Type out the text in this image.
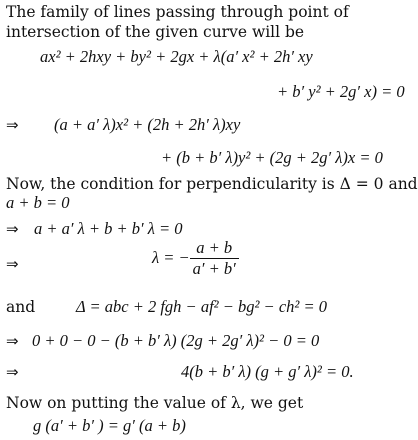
The family of lines passing through point of
intersection of the given curve will be
ax² + 2hxy + by² + 2gx + λ(a′ x² + 2h′ xy
+ b′ y² + 2g′ x) = 0
⇒ (a + a′ λ)x² + (2h + 2h′ λ)xy
+ (b + b′ λ)y² + (2g + 2g′ λ)x = 0
Now, the condition for perpendicularity is Δ = 0 and
a + b = 0
⇒ a + a′ λ + b + b′ λ = 0
⇒	λ = − $\frac{a + b}{a' + b'}$
and Δ = abc + 2 fgh − af² − bg² − ch² = 0
⇒ 0 + 0 − 0 − (b + b′ λ) (2g + 2g′ λ)² − 0 = 0
⇒	4(b + b′ λ) (g + g′ λ)² = 0.
Now on putting the value of λ, we get
g (a′ + b′ ) = g′ (a + b)
